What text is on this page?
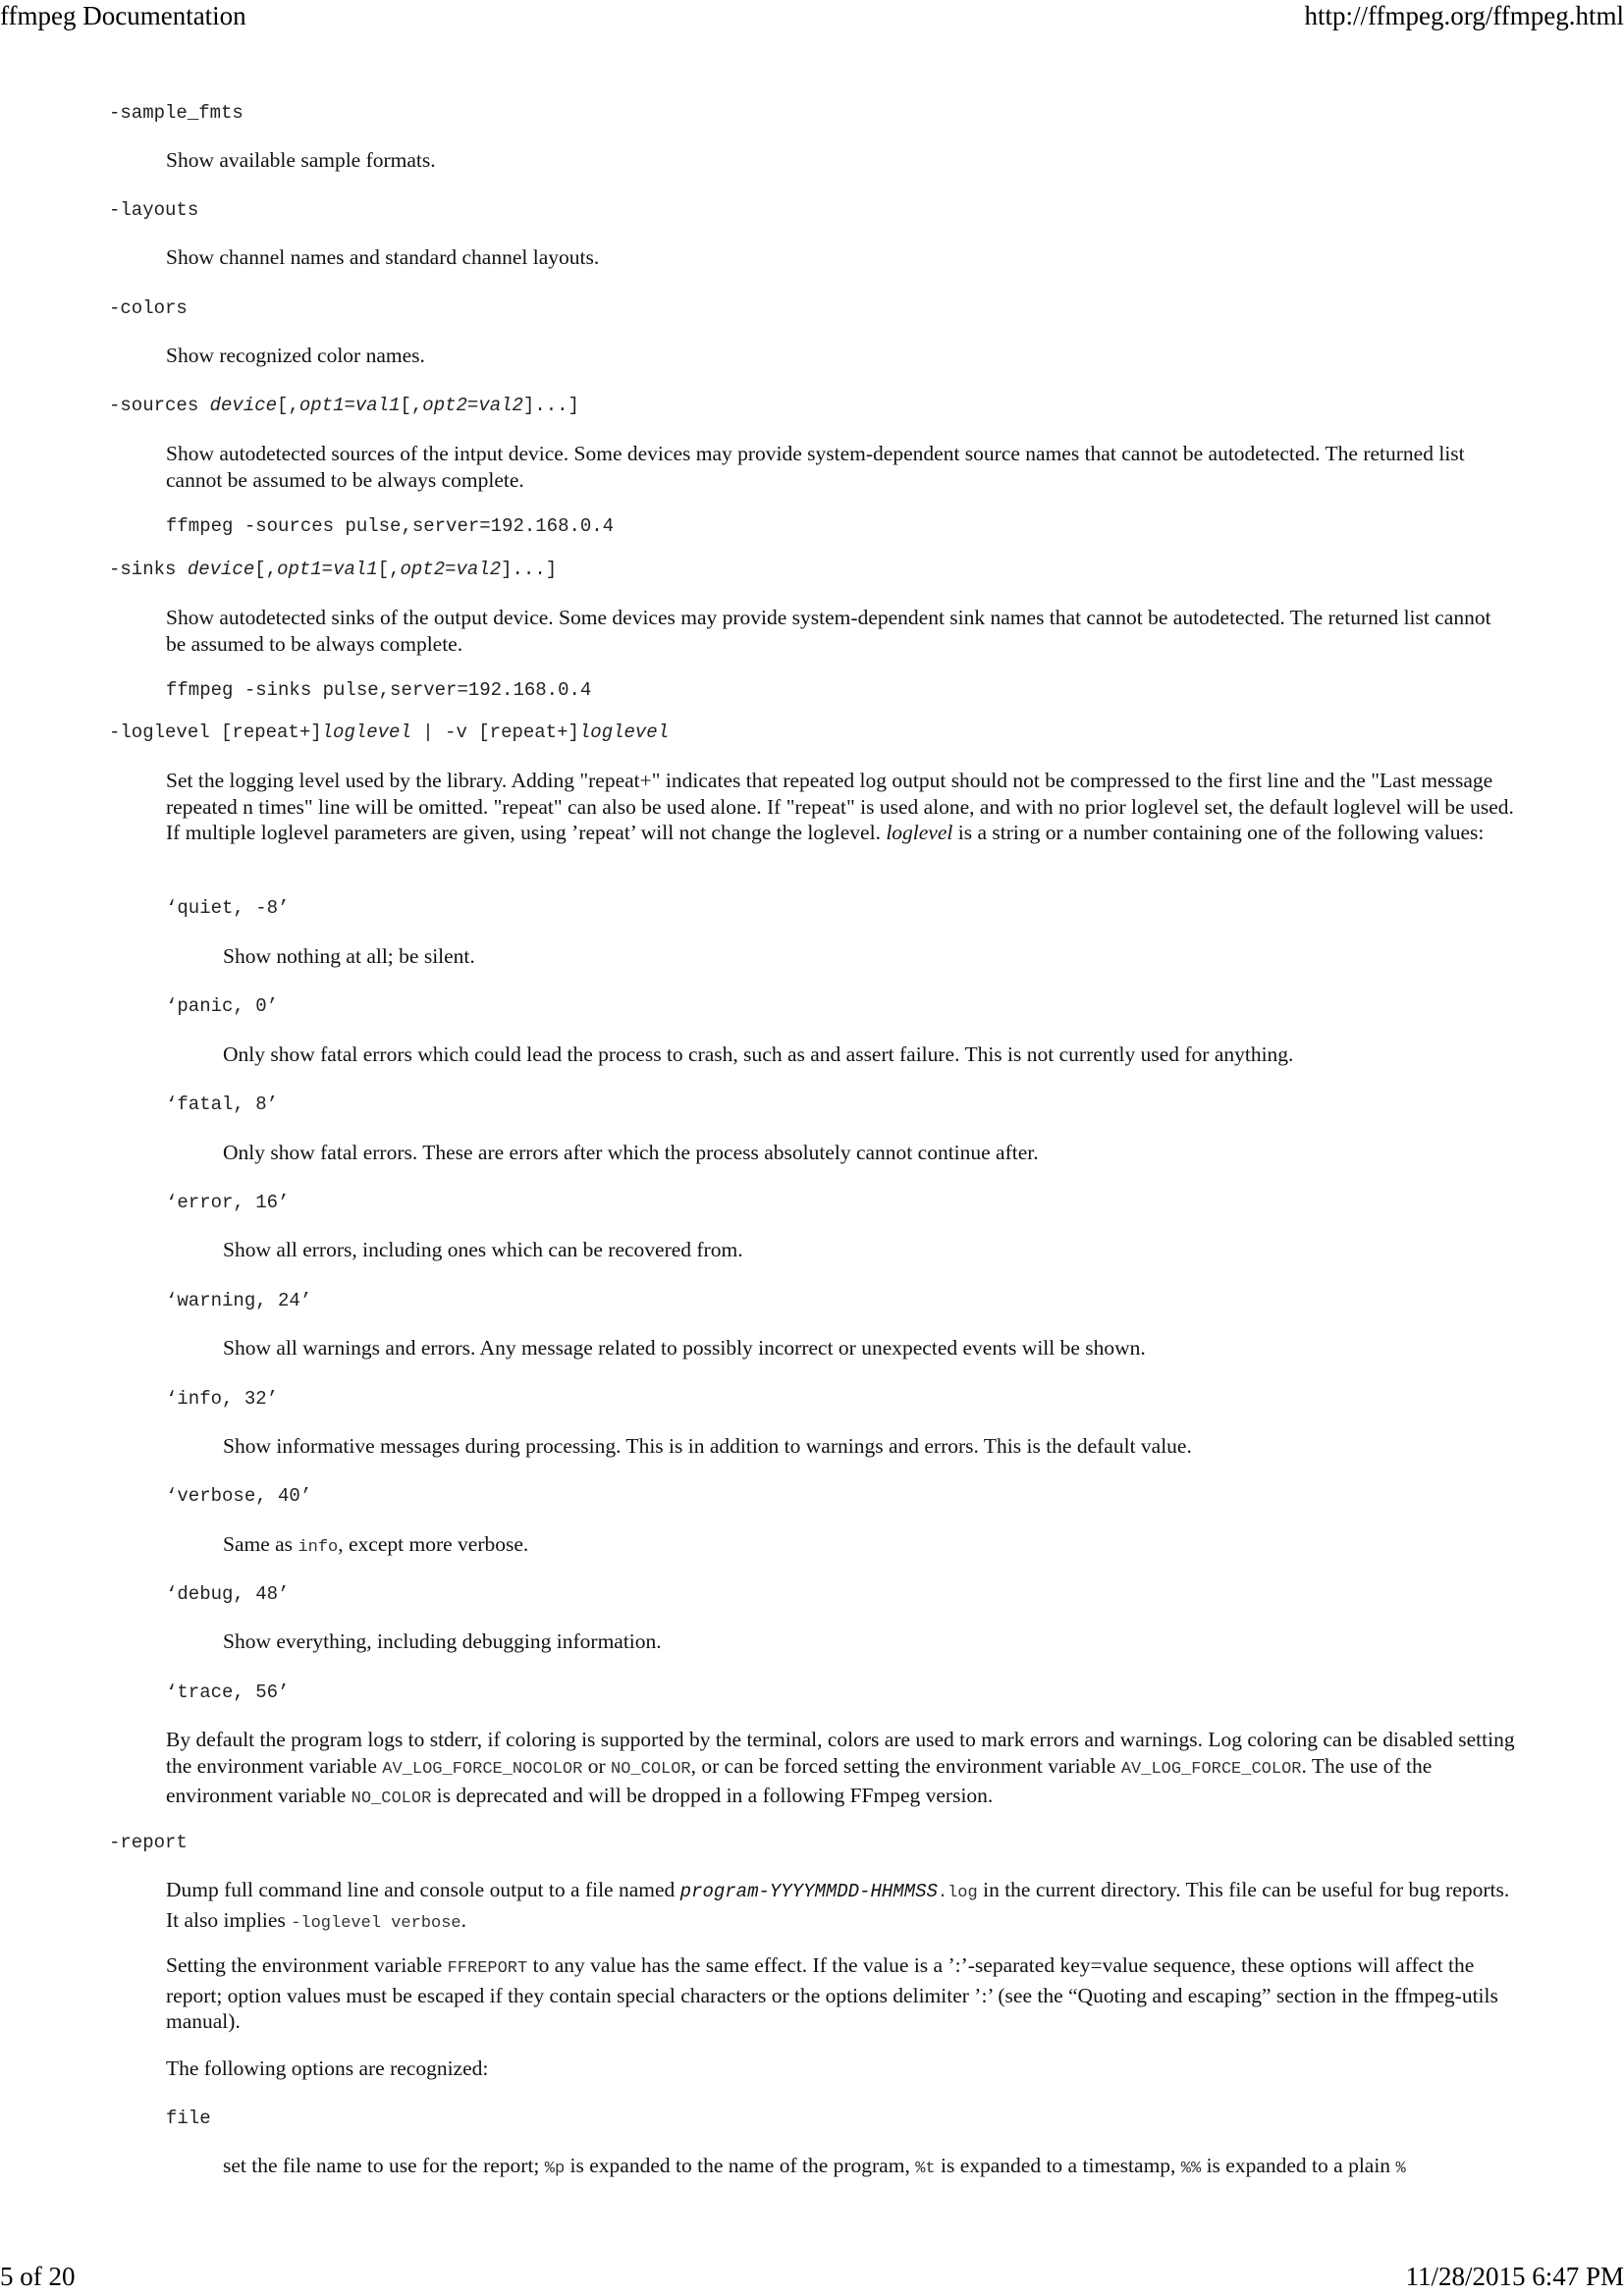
ffmpeg Documentation	http://ffmpeg.org/ffmpeg.html
-sample_fmts
Show available sample formats.
-layouts
Show channel names and standard channel layouts.
-colors
Show recognized color names.
-sources device[,opt1=val1[,opt2=val2]...]
Show autodetected sources of the intput device. Some devices may provide system-dependent source names that cannot be autodetected. The returned list cannot be assumed to be always complete.
ffmpeg -sources pulse,server=192.168.0.4
-sinks device[,opt1=val1[,opt2=val2]...]
Show autodetected sinks of the output device. Some devices may provide system-dependent sink names that cannot be autodetected. The returned list cannot be assumed to be always complete.
ffmpeg -sinks pulse,server=192.168.0.4
-loglevel [repeat+]loglevel | -v [repeat+]loglevel
Set the logging level used by the library. Adding "repeat+" indicates that repeated log output should not be compressed to the first line and the "Last message repeated n times" line will be omitted. "repeat" can also be used alone. If "repeat" is used alone, and with no prior loglevel set, the default loglevel will be used. If multiple loglevel parameters are given, using ’repeat’ will not change the loglevel. loglevel is a string or a number containing one of the following values:
‘quiet, -8’
Show nothing at all; be silent.
‘panic, 0’
Only show fatal errors which could lead the process to crash, such as and assert failure. This is not currently used for anything.
‘fatal, 8’
Only show fatal errors. These are errors after which the process absolutely cannot continue after.
‘error, 16’
Show all errors, including ones which can be recovered from.
‘warning, 24’
Show all warnings and errors. Any message related to possibly incorrect or unexpected events will be shown.
‘info, 32’
Show informative messages during processing. This is in addition to warnings and errors. This is the default value.
‘verbose, 40’
Same as info, except more verbose.
‘debug, 48’
Show everything, including debugging information.
‘trace, 56’
By default the program logs to stderr, if coloring is supported by the terminal, colors are used to mark errors and warnings. Log coloring can be disabled setting the environment variable AV_LOG_FORCE_NOCOLOR or NO_COLOR, or can be forced setting the environment variable AV_LOG_FORCE_COLOR. The use of the environment variable NO_COLOR is deprecated and will be dropped in a following FFmpeg version.
-report
Dump full command line and console output to a file named program-YYYYMMDD-HHMMSS.log in the current directory. This file can be useful for bug reports. It also implies -loglevel verbose.
Setting the environment variable FFREPORT to any value has the same effect. If the value is a ’:’-separated key=value sequence, these options will affect the report; option values must be escaped if they contain special characters or the options delimiter ’:’ (see the “Quoting and escaping” section in the ffmpeg-utils manual).
The following options are recognized:
file
set the file name to use for the report; %p is expanded to the name of the program, %t is expanded to a timestamp, %% is expanded to a plain %
5 of 20	11/28/2015 6:47 PM
